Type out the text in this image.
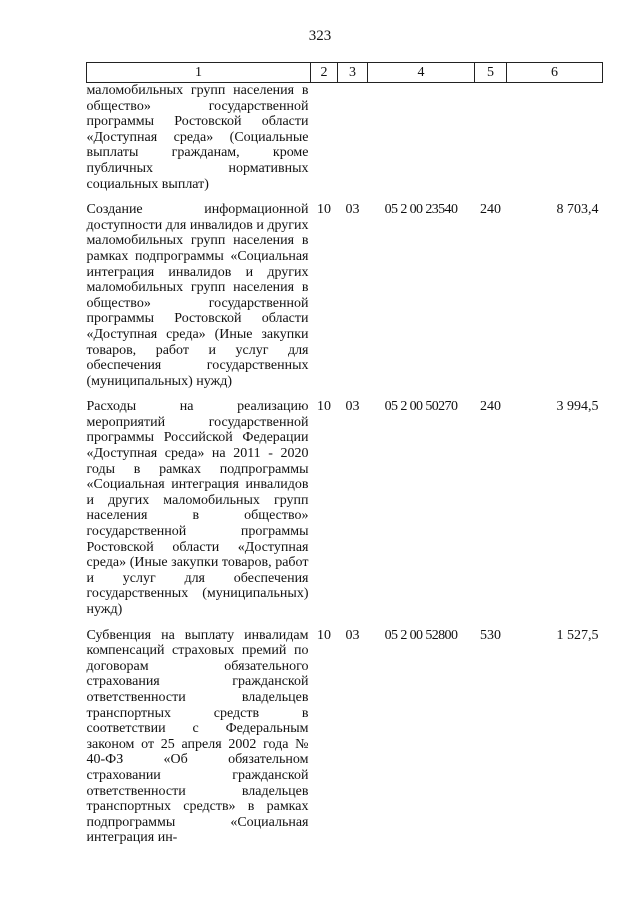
323
1	2	3	4	5	6
маломобильных групп населения в общество» государственной программы Ростовской области «Доступная среда» (Социальные выплаты гражданам, кроме публичных нормативных социальных выплат)					

Создание информационной доступности для инвалидов и других маломобильных групп населения в рамках подпрограммы «Социальная интеграция инвалидов и других маломобильных групп населения в общество» государственной программы Ростовской области «Доступная среда» (Иные закупки товаров, работ и услуг для обеспечения государственных (муниципальных) нужд)	10	03	05 2 00 23540	240	8 703,4

Расходы на реализацию мероприятий государственной программы Российской Федерации «Доступная среда» на 2011 - 2020 годы в рамках подпрограммы «Социальная интеграция инвалидов и других маломобильных групп населения в общество» государственной программы Ростовской области «Доступная среда» (Иные закупки товаров, работ и услуг для обеспечения государственных (муниципальных) нужд)	10	03	05 2 00 50270	240	3 994,5

Субвенция на выплату инвалидам компенсаций страховых премий по договорам обязательного страхования гражданской ответственности владельцев транспортных средств в соответствии с Федеральным законом от 25 апреля 2002 года № 40-ФЗ «Об обязательном страховании гражданской ответственности владельцев транспортных средств» в рамках подпрограммы «Социальная интеграция ин-	10	03	05 2 00 52800	530	1 527,5
